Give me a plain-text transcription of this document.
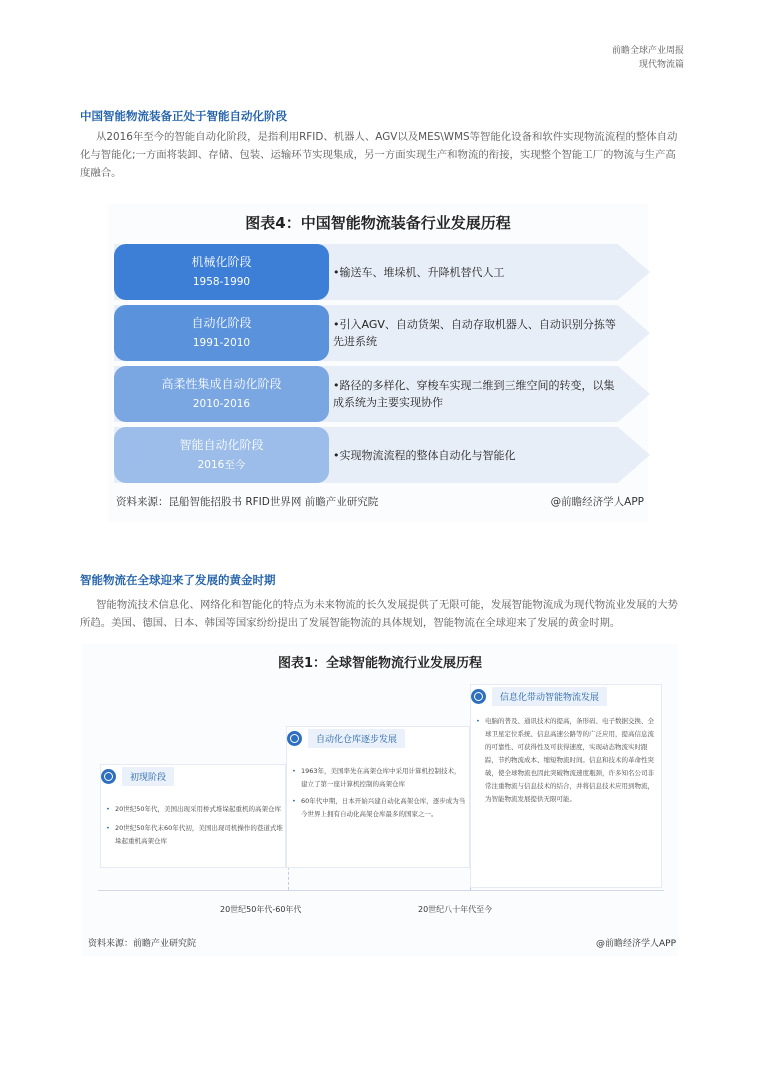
前瞻全球产业周报
现代物流篇
中国智能物流装备正处于智能自动化阶段
从2016年至今的智能自动化阶段，是指利用RFID、机器人、AGV以及MES\WMS等智能化设备和软件实现物流流程的整体自动化与智能化;一方面将装卸、存储、包装、运输环节实现集成，另一方面实现生产和物流的衔接，实现整个智能工厂的物流与生产高度融合。
图表4：中国智能物流装备行业发展历程
机械化阶段
1958-1990
•输送车、堆垛机、升降机替代人工
自动化阶段
1991-2010
•引入AGV、自动货架、自动存取机器人、自动识别分拣等先进系统
高柔性集成自动化阶段
2010-2016
•路径的多样化、穿梭车实现二维到三维空间的转变，以集成系统为主要实现协作
智能自动化阶段
2016至今
•实现物流流程的整体自动化与智能化
资料来源：昆船智能招股书 RFID世界网 前瞻产业研究院	@前瞻经济学人APP
智能物流在全球迎来了发展的黄金时期
智能物流技术信息化、网络化和智能化的特点为未来物流的长久发展提供了无限可能，发展智能物流成为现代物流业发展的大势所趋。美国、德国、日本、韩国等国家纷纷提出了发展智能物流的具体规划，智能物流在全球迎来了发展的黄金时期。
图表1：全球智能物流行业发展历程
初现阶段

• 20世纪50年代，美国出现采用桥式堆垛起重机的高架仓库

• 20世纪50年代末60年代初，美国出现司机操作的巷道式堆垛起重机高架仓库

自动化仓库逐步发展

• 1963年，美国率先在高架仓库中采用计算机控制技术，建立了第一座计算机控制的高架仓库

• 60年代中期，日本开始兴建自动化高架仓库，逐步成为当今世界上拥有自动化高架仓库最多的国家之一。

信息化带动智能物流发展

• 电脑的普及、通讯技术的提高，条形码、电子数据交换、全球卫星定位系统、信息高速公路等的广泛应用，提高信息流的可靠性、可获得性及可获得速度，实现动态物流实时跟踪，节约物流成本、缩短物流时间。信息和技术的革命性突破，使全球物流也因此突破物流速度瓶颈，许多知名公司非常注重物流与信息技术的结合，并将信息技术应用到物流，为智能物流发展提供无限可能。

20世纪50年代-60年代	20世纪八十年代至今
资料来源：前瞻产业研究院	@前瞻经济学人APP
